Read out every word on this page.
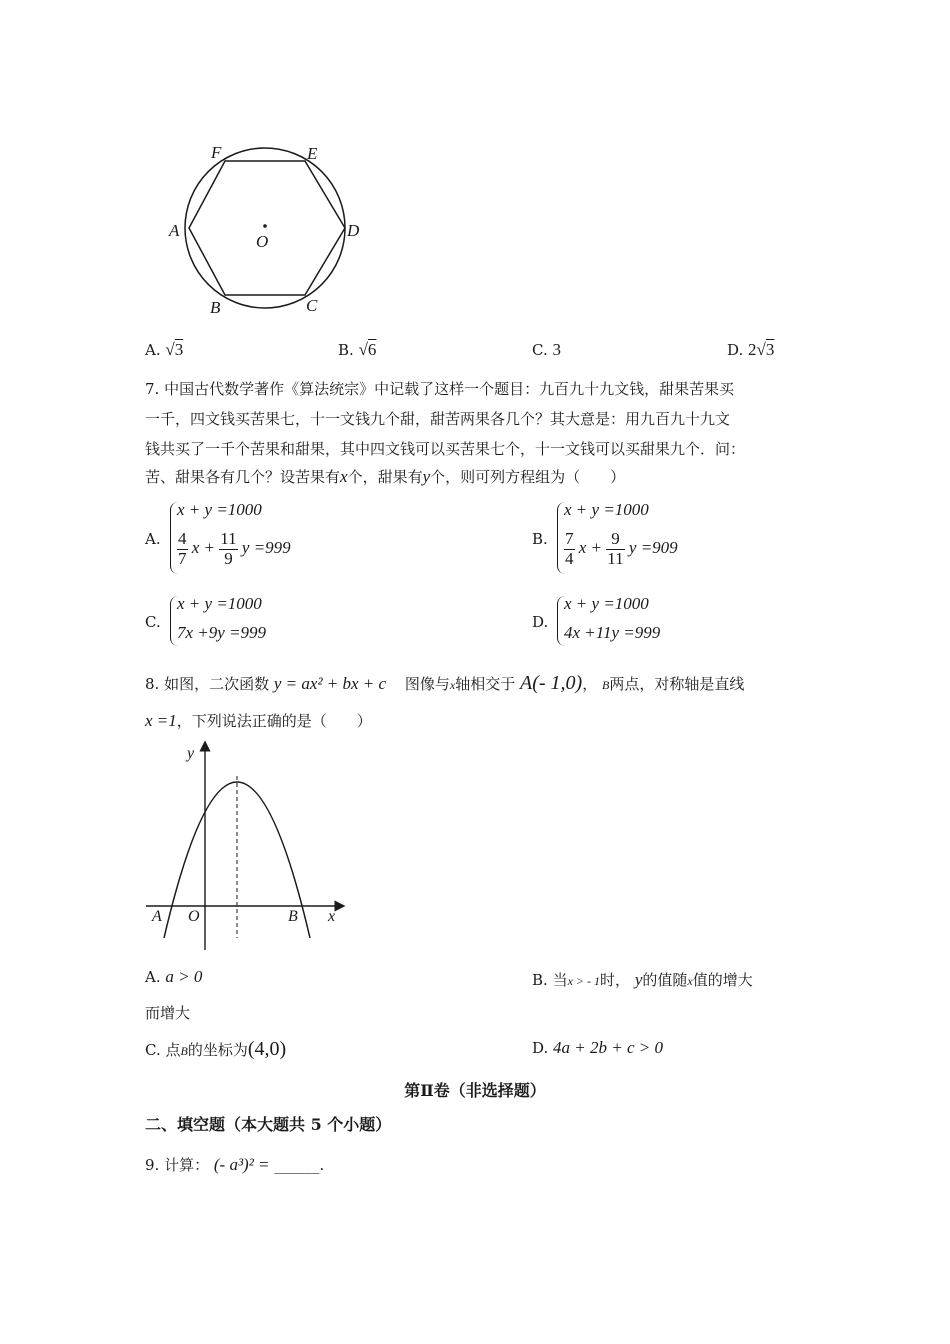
F	E
A	D
O
B	C
A. √3	B. √6	C. 3	D. 2√3
7. 中国古代数学著作《算法统宗》中记载了这样一个题目：九百九十九文钱，甜果苦果买
一千，四文钱买苦果七，十一文钱九个甜，甜苦两果各几个？其大意是：用九百九十九文
钱共买了一千个苦果和甜果，其中四文钱可以买苦果七个，十一文钱可以买甜果九个．问：
苦、甜果各有几个？设苦果有x个，甜果有y个，则可列方程组为（　　）
A.
x + y =1000
$\frac{4}{7}$ $x + \frac{11}{9}$ y =999	B.
x + y =1000
$\frac{7}{4}$ $x + \frac{9}{11}$ y =909
C.
x + y =1000
7x +9y =999
D.
x + y =1000
4x +11y =999
8. 如图，二次函数 y = ax² + bx + c 图像与x轴相交于 A(- 1,0)， B两点，对称轴是直线
x =1，下列说法正确的是（　　）
y
x
A O	B
A. a > 0	B. 当x > - 1时， y的值随x值的增大
而增大
C. 点B的坐标为(4,0)	D. 4a + 2b + c > 0
第Ⅱ卷（非选择题）
二、填空题（本大题共 5 个小题）
9. 计算： (- a³)² = ______.
